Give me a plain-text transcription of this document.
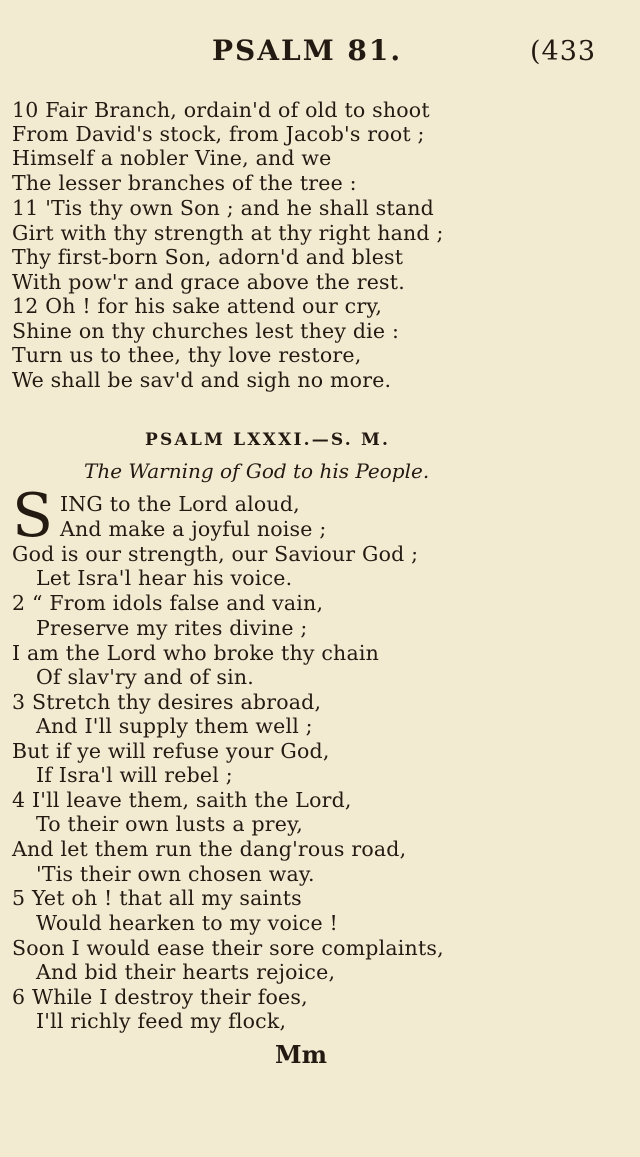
PSALM 81.	(433
10 Fair Branch, ordain'd of old to shoot
From David's stock, from Jacob's root ;
Himself a nobler Vine, and we
The lesser branches of the tree :
11 'Tis thy own Son ; and he shall stand
Girt with thy strength at thy right hand ;
Thy first-born Son, adorn'd and blest
With pow'r and grace above the rest.
12 Oh ! for his sake attend our cry,
Shine on thy churches lest they die :
Turn us to thee, thy love restore,
We shall be sav'd and sigh no more.
PSALM LXXXI.—S. M.
The Warning of God to his People.
S ING to the Lord aloud,
And make a joyful noise ;
God is our strength, our Saviour God ;
Let Isra'l hear his voice.
2 “ From idols false and vain,
Preserve my rites divine ;
I am the Lord who broke thy chain
Of slav'ry and of sin.
3 Stretch thy desires abroad,
And I'll supply them well ;
But if ye will refuse your God,
If Isra'l will rebel ;
4 I'll leave them, saith the Lord,
To their own lusts a prey,
And let them run the dang'rous road,
'Tis their own chosen way.
5 Yet oh ! that all my saints
Would hearken to my voice !
Soon I would ease their sore complaints,
And bid their hearts rejoice,
6 While I destroy their foes,
I'll richly feed my flock,
Mm
